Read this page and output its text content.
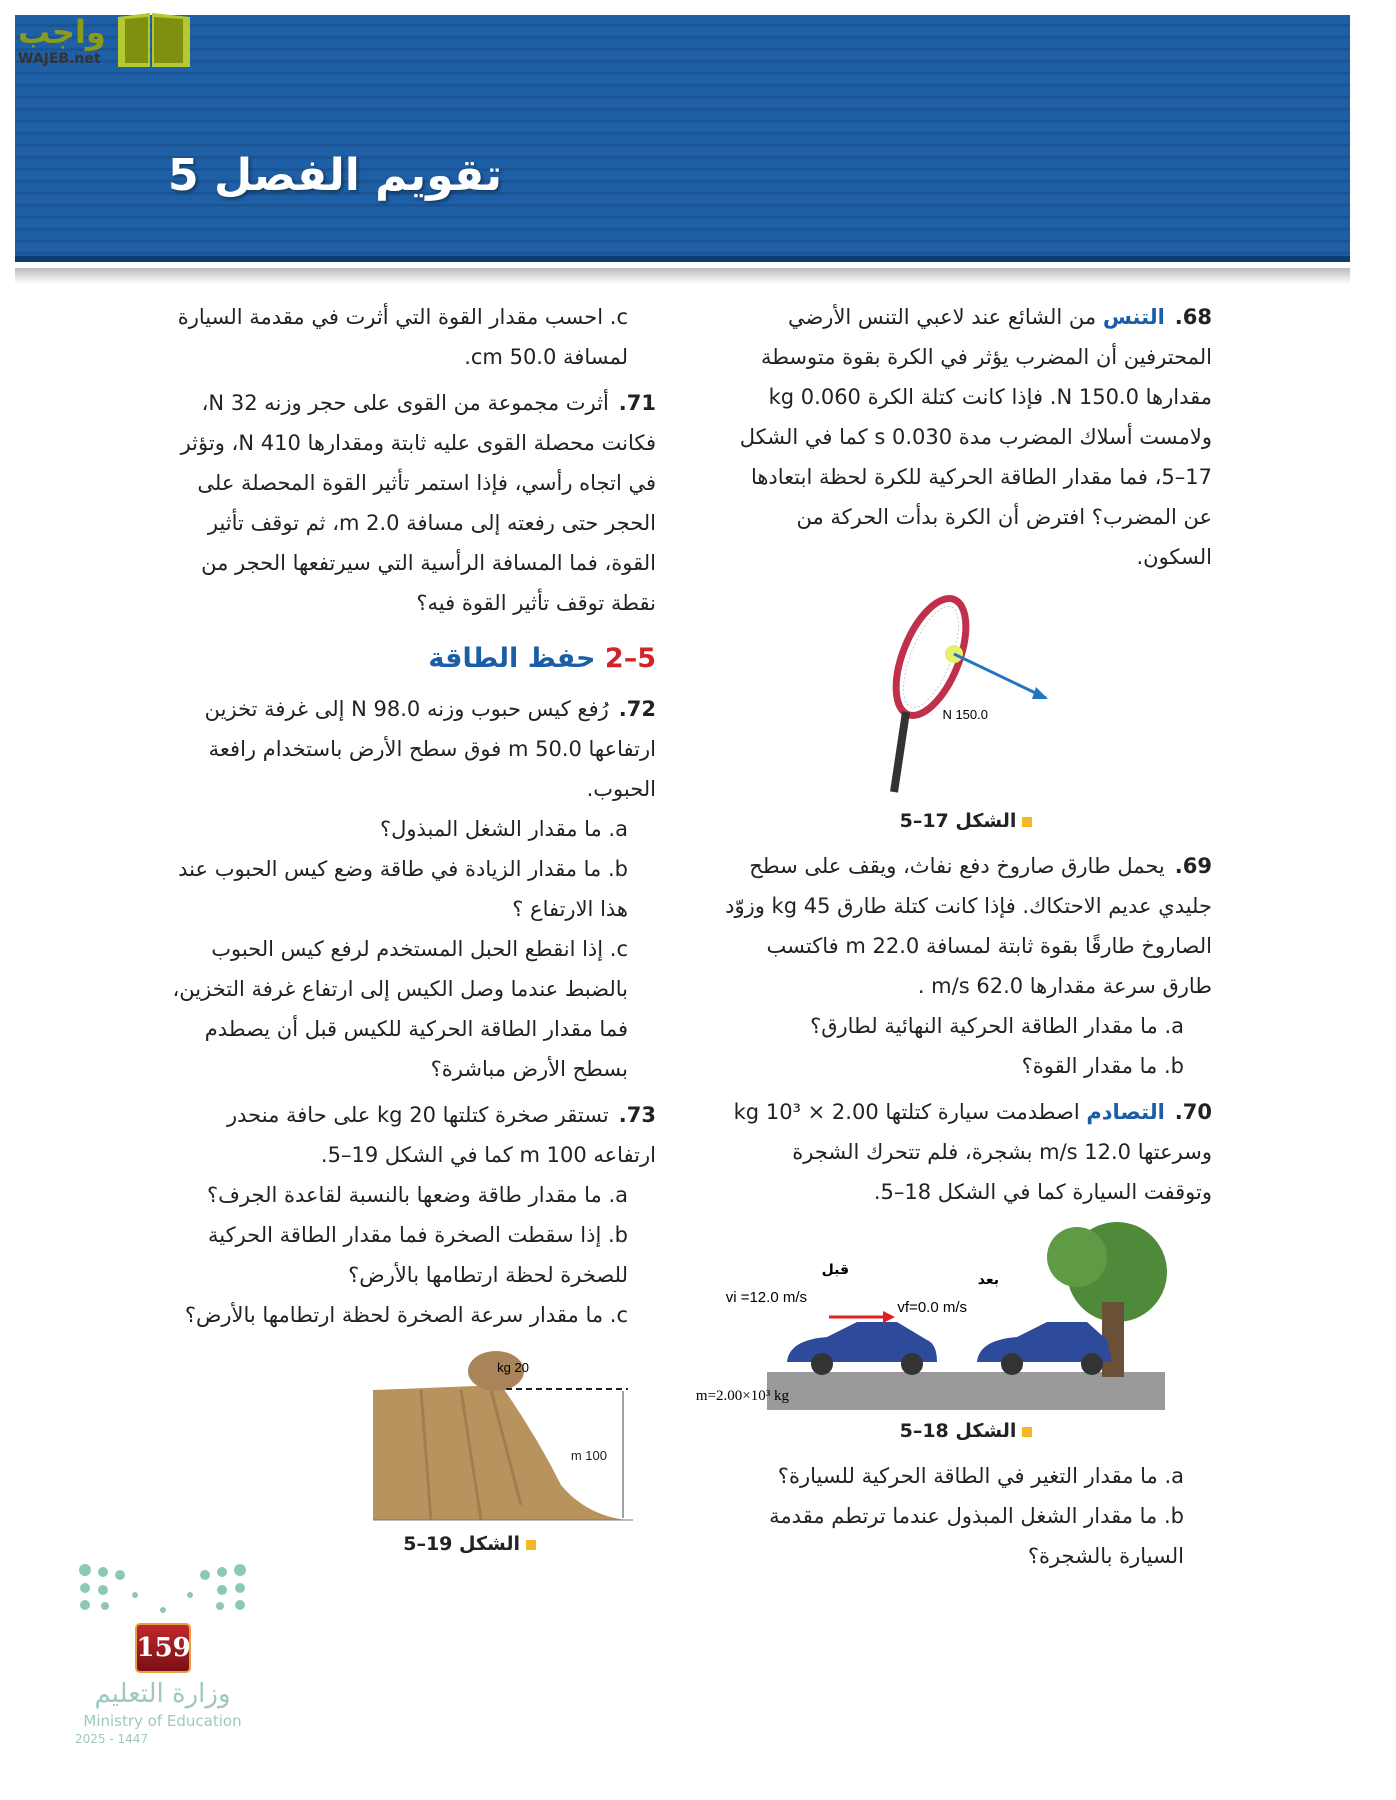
تقويم الفصل 5
واجب
WAJEB.net
68.التنس من الشائع عند لاعبي التنس الأرضي المحترفين أن المضرب يؤثر في الكرة بقوة متوسطة مقدارها 150.0 N. فإذا كانت كتلة الكرة 0.060 kg ولامست أسلاك المضرب مدة 0.030 s كما في الشكل 17–5، فما مقدار الطاقة الحركية للكرة لحظة ابتعادها عن المضرب؟ افترض أن الكرة بدأت الحركة من السكون.
150.0 N
الشكل 17–5
69.يحمل طارق صاروخ دفع نفاث، ويقف على سطح جليدي عديم الاحتكاك. فإذا كانت كتلة طارق 45 kg وزوّد الصاروخ طارقًا بقوة ثابتة لمسافة 22.0 m فاكتسب طارق سرعة مقدارها 62.0 m/s .
a. ما مقدار الطاقة الحركية النهائية لطارق؟
b. ما مقدار القوة؟
70.التصادم اصطدمت سيارة كتلتها 2.00 × 10³ kg وسرعتها 12.0 m/s بشجرة، فلم تتحرك الشجرة وتوقفت السيارة كما في الشكل 18–5.
قبل
vi =12.0 m/s
بعد
vf=0.0 m/s
m=2.00×10³ kg
الشكل 18–5
a. ما مقدار التغير في الطاقة الحركية للسيارة؟
b. ما مقدار الشغل المبذول عندما ترتطم مقدمة السيارة بالشجرة؟
c. احسب مقدار القوة التي أثرت في مقدمة السيارة لمسافة 50.0 cm.
71.أثرت مجموعة من القوى على حجر وزنه 32 N، فكانت محصلة القوى عليه ثابتة ومقدارها 410 N، وتؤثر في اتجاه رأسي، فإذا استمر تأثير القوة المحصلة على الحجر حتى رفعته إلى مسافة 2.0 m، ثم توقف تأثير القوة، فما المسافة الرأسية التي سيرتفعها الحجر من نقطة توقف تأثير القوة فيه؟
5–2 حفظ الطاقة
72.رُفع كيس حبوب وزنه 98.0 N إلى غرفة تخزين ارتفاعها 50.0 m فوق سطح الأرض باستخدام رافعة الحبوب.
a. ما مقدار الشغل المبذول؟
b. ما مقدار الزيادة في طاقة وضع كيس الحبوب عند هذا الارتفاع ؟
c. إذا انقطع الحبل المستخدم لرفع كيس الحبوب بالضبط عندما وصل الكيس إلى ارتفاع غرفة التخزين، فما مقدار الطاقة الحركية للكيس قبل أن يصطدم بسطح الأرض مباشرة؟
73.تستقر صخرة كتلتها 20 kg على حافة منحدر ارتفاعه 100 m كما في الشكل 19–5.
a. ما مقدار طاقة وضعها بالنسبة لقاعدة الجرف؟
b. إذا سقطت الصخرة فما مقدار الطاقة الحركية للصخرة لحظة ارتطامها بالأرض؟
c. ما مقدار سرعة الصخرة لحظة ارتطامها بالأرض؟
20 kg
100 m
الشكل 19–5
159
وزارة التعليم
Ministry of Education
2025 - 1447
